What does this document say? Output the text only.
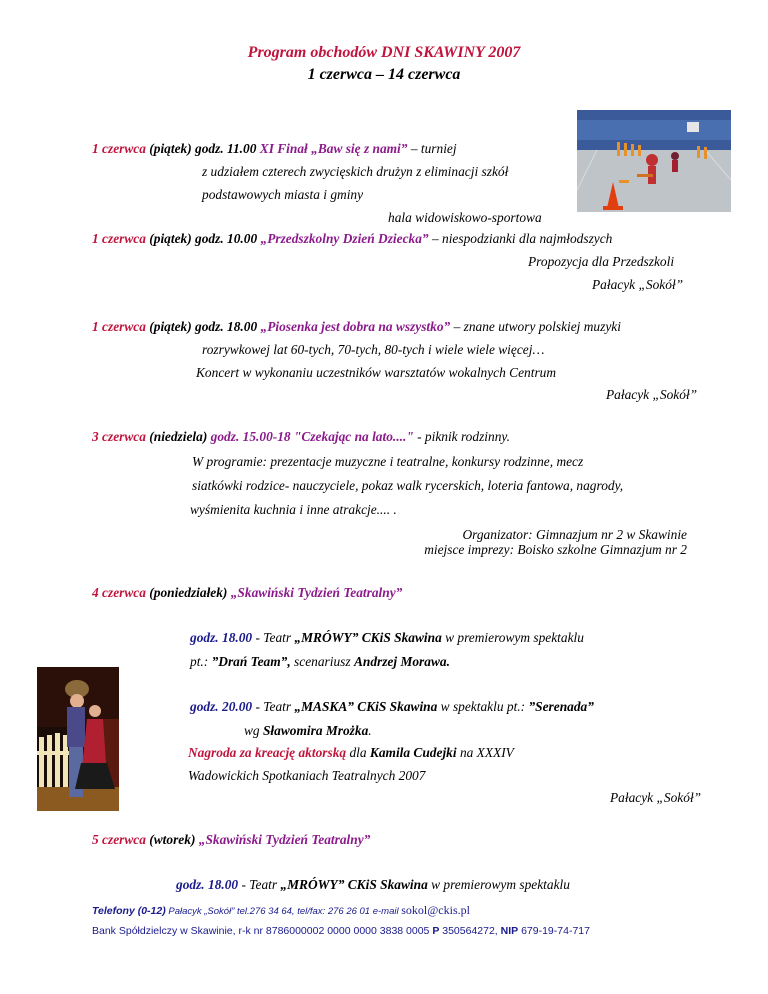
Program obchodów DNI SKAWINY 2007
1 czerwca – 14 czerwca
1 czerwca (piątek) godz. 11.00 XI Finał „Baw się z nami” – turniej
z udziałem czterech zwycięskich drużyn z eliminacji szkół
podstawowych miasta i gminy
hala widowiskowo-sportowa
1 czerwca (piątek) godz. 10.00 „Przedszkolny Dzień Dziecka” – niespodzianki dla najmłodszych
Propozycja dla Przedszkoli
Pałacyk „Sokół”
1 czerwca (piątek) godz. 18.00 „Piosenka jest dobra na wszystko” – znane utwory polskiej muzyki
rozrywkowej lat 60-tych, 70-tych, 80-tych i wiele wiele więcej…
Koncert w wykonaniu uczestników warsztatów wokalnych Centrum
Pałacyk „Sokół”
3 czerwca (niedziela) godz. 15.00-18 "Czekając na lato...." - piknik rodzinny.
W programie: prezentacje muzyczne i teatralne, konkursy rodzinne, mecz
siatkówki rodzice- nauczyciele, pokaz walk rycerskich, loteria fantowa, nagrody,
wyśmienita kuchnia i inne atrakcje.... .
Organizator: Gimnazjum nr 2 w Skawinie
miejsce imprezy: Boisko szkolne Gimnazjum nr 2
4 czerwca (poniedziałek) „Skawiński Tydzień Teatralny”
godz. 18.00 - Teatr „MRÓWY” CKiS Skawina w premierowym spektaklu
pt.: ”Drań Team”, scenariusz Andrzej Morawa.
godz. 20.00 - Teatr „MASKA” CKiS Skawina w spektaklu pt.: ”Serenada”
wg Sławomira Mrożka.
Nagroda za kreację aktorską dla Kamila Cudejki na XXXIV
Wadowickich Spotkaniach Teatralnych 2007
Pałacyk „Sokół”
5 czerwca (wtorek) „Skawiński Tydzień Teatralny”
godz. 18.00 - Teatr „MRÓWY” CKiS Skawina w premierowym spektaklu
Telefony (0-12) Pałacyk „Sokół” tel.276 34 64, tel/fax: 276 26 01 e-mail sokol@ckis.pl
Bank Spółdzielczy w Skawinie, r-k nr 8786000002 0000 0000 3838 0005 P 350564272, NIP 679-19-74-717
